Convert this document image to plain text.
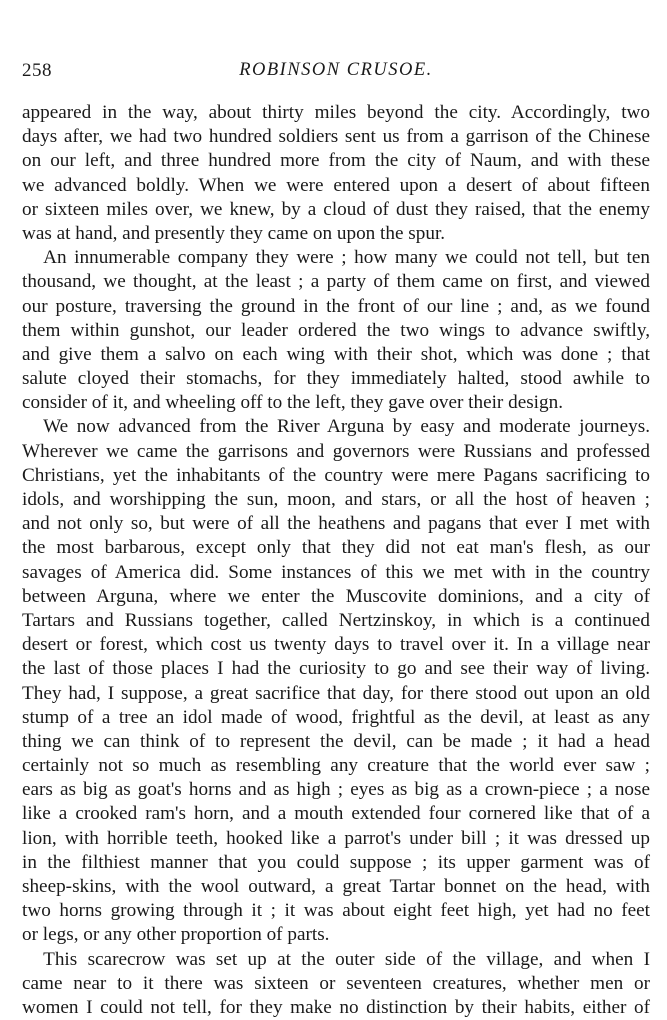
258	ROBINSON CRUSOE.
appeared in the way, about thirty miles beyond the city. Accordingly, two
days after, we had two hundred soldiers sent us from a garrison of the Chinese
on our left, and three hundred more from the city of Naum, and with these
we advanced boldly. When we were entered upon a desert of about fifteen
or sixteen miles over, we knew, by a cloud of dust they raised, that the enemy
was at hand, and presently they came on upon the spur.
An innumerable company they were ; how many we could not tell, but ten
thousand, we thought, at the least ; a party of them came on first, and viewed
our posture, traversing the ground in the front of our line ; and, as we found
them within gunshot, our leader ordered the two wings to advance swiftly,
and give them a salvo on each wing with their shot, which was done ; that
salute cloyed their stomachs, for they immediately halted, stood awhile to
consider of it, and wheeling off to the left, they gave over their design.
We now advanced from the River Arguna by easy and moderate journeys.
Wherever we came the garrisons and governors were Russians and professed
Christians, yet the inhabitants of the country were mere Pagans sacrificing to
idols, and worshipping the sun, moon, and stars, or all the host of heaven ;
and not only so, but were of all the heathens and pagans that ever I met with
the most barbarous, except only that they did not eat man's flesh, as our
savages of America did. Some instances of this we met with in the country
between Arguna, where we enter the Muscovite dominions, and a city of
Tartars and Russians together, called Nertzinskoy, in which is a continued
desert or forest, which cost us twenty days to travel over it. In a village near
the last of those places I had the curiosity to go and see their way of living.
They had, I suppose, a great sacrifice that day, for there stood out upon an old
stump of a tree an idol made of wood, frightful as the devil, at least as any
thing we can think of to represent the devil, can be made ; it had a head
certainly not so much as resembling any creature that the world ever saw ;
ears as big as goat's horns and as high ; eyes as big as a crown-piece ; a nose
like a crooked ram's horn, and a mouth extended four cornered like that of a
lion, with horrible teeth, hooked like a parrot's under bill ; it was dressed up
in the filthiest manner that you could suppose ; its upper garment was of
sheep-skins, with the wool outward, a great Tartar bonnet on the head, with
two horns growing through it ; it was about eight feet high, yet had no feet
or legs, or any other proportion of parts.
This scarecrow was set up at the outer side of the village, and when I
came near to it there was sixteen or seventeen creatures, whether men or
women I could not tell, for they make no distinction by their habits, either of
